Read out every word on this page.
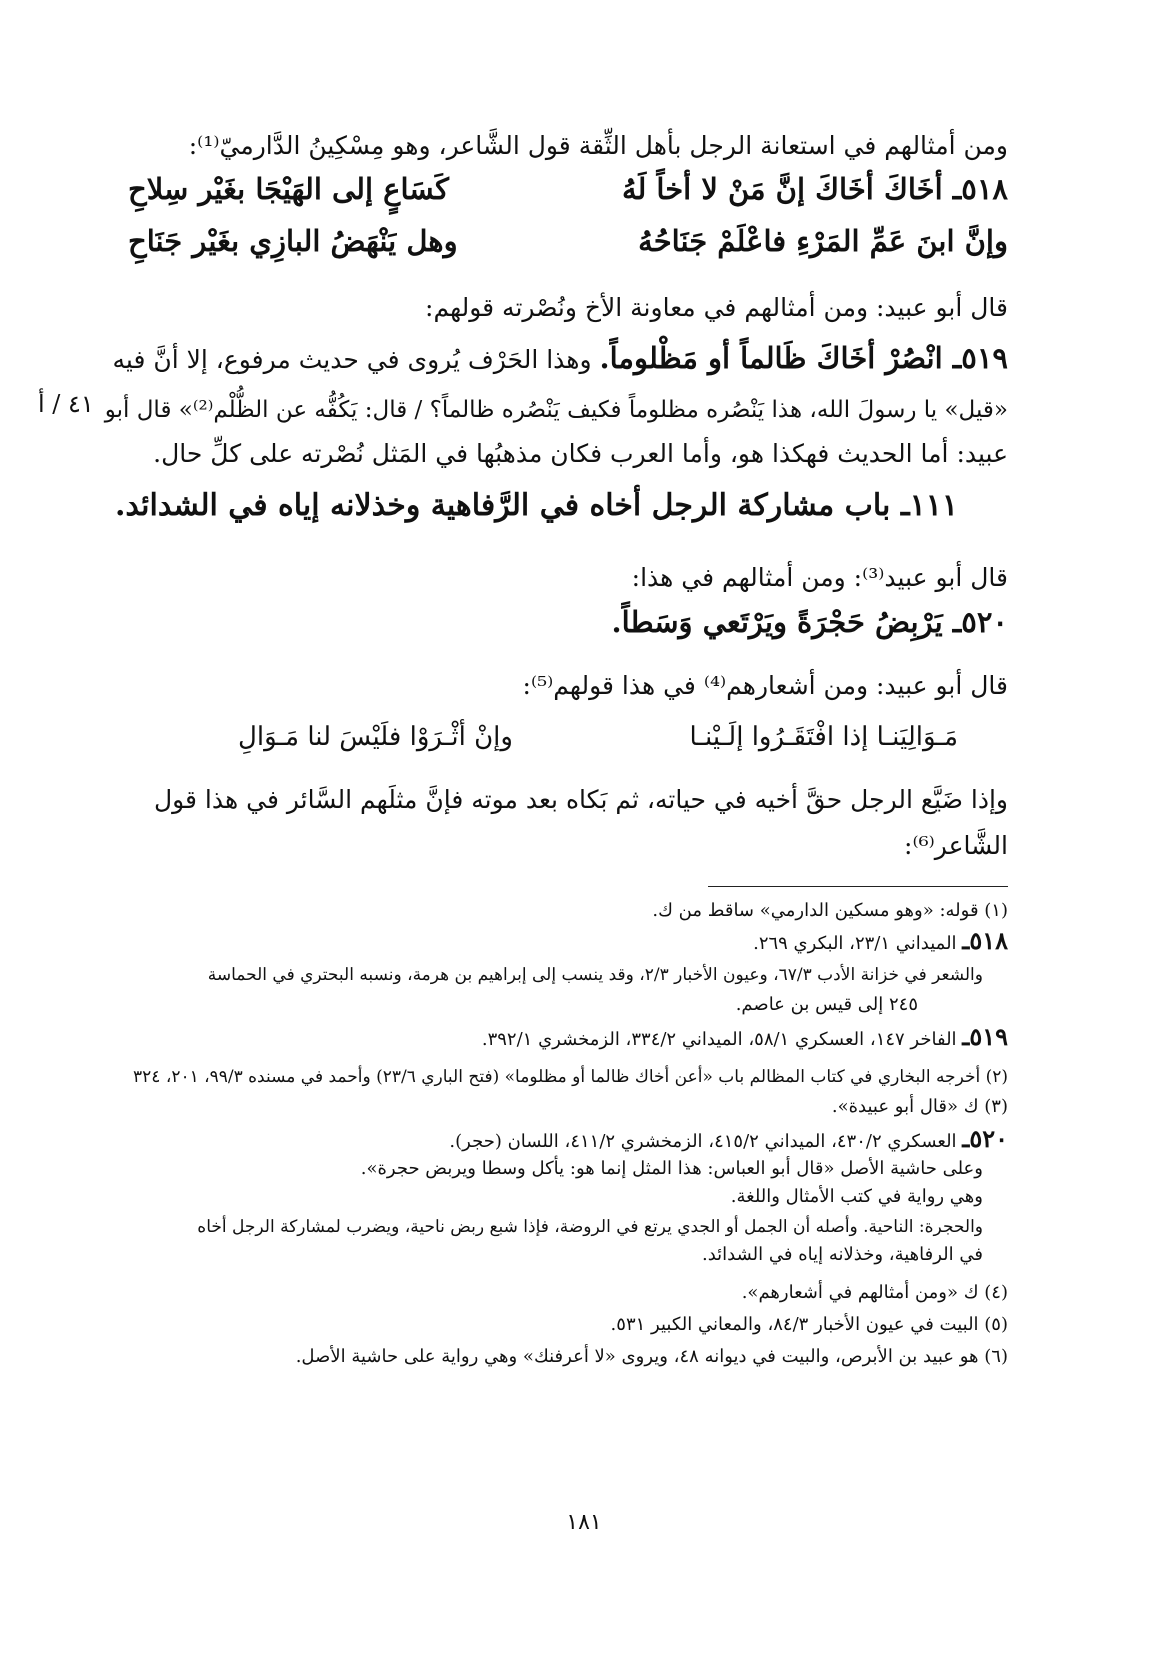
ومن أمثالهم في استعانة الرجل بأهل الثِّقة قول الشَّاعر، وهو مِسْكِينُ الدَّارميّ⁽¹⁾:
٥١٨ـ أخَاكَ أخَاكَ إنَّ مَنْ لا أخاً لَهُ
كَسَاعٍ إلى الهَيْجَا بغَيْر سِلاحِ
وإنَّ ابنَ عَمِّ المَرْءِ فاعْلَمْ جَنَاحُهُ
وهل يَنْهَضُ البازِي بغَيْر جَنَاحِ
قال أبو عبيد: ومن أمثالهم في معاونة الأخ ونُصْرته قولهم:
٥١٩ـ انْصُرْ أخَاكَ ظَالماً أو مَظْلوماً. وهذا الحَرْف يُروى في حديث مرفوع، إلا أنَّ فيه
٤١ / أ «قيل» يا رسولَ الله، هذا يَنْصُره مظلوماً فكيف يَنْصُره ظالماً؟ / قال: يَكُفُّه عن الظُّلْم⁽²⁾» قال أبو
عبيد: أما الحديث فهكذا هو، وأما العرب فكان مذهبُها في المَثل نُصْرته على كلِّ حال.
١١١ـ باب مشاركة الرجل أخاه في الرَّفاهية وخذلانه إياه في الشدائد.
قال أبو عبيد⁽³⁾: ومن أمثالهم في هذا:
٥٢٠ـ يَرْبِضُ حَجْرَةً ويَرْتَعي وَسَطاً.
قال أبو عبيد: ومن أشعارهم⁽⁴⁾ في هذا قولهم⁽⁵⁾:
مَـوَالِيَنـا إذا افْتَقَـرُوا إلَـيْنـا
وإنْ أثْـرَوْا فلَيْسَ لنا مَـوَالِ
وإذا ضَيَّع الرجل حقَّ أخيه في حياته، ثم بَكاه بعد موته فإنَّ مثلَهم السَّائر في هذا قول
الشَّاعر⁽⁶⁾:
(١) قوله: «وهو مسكين الدارمي» ساقط من ك.
٥١٨ـ الميداني ٢٣/١، البكري ٢٦٩.
والشعر في خزانة الأدب ٦٧/٣، وعيون الأخبار ٢/٣، وقد ينسب إلى إبراهيم بن هرمة، ونسبه البحتري في الحماسة
٢٤٥ إلى قيس بن عاصم.
٥١٩ـ الفاخر ١٤٧، العسكري ٥٨/١، الميداني ٣٣٤/٢، الزمخشري ٣٩٢/١.
(٢) أخرجه البخاري في كتاب المظالم باب «أعن أخاك ظالما أو مظلوما» (فتح الباري ٢٣/٦) وأحمد في مسنده ٩٩/٣، ٢٠١، ٣٢٤
(٣) ك «قال أبو عبيدة».
٥٢٠ـ العسكري ٤٣٠/٢، الميداني ٤١٥/٢، الزمخشري ٤١١/٢، اللسان (حجر).
وعلى حاشية الأصل «قال أبو العباس: هذا المثل إنما هو: يأكل وسطا ويربض حجرة».
وهي رواية في كتب الأمثال واللغة.
والحجرة: الناحية. وأصله أن الجمل أو الجدي يرتع في الروضة، فإذا شبع ربض ناحية، ويضرب لمشاركة الرجل أخاه
في الرفاهية، وخذلانه إياه في الشدائد.
(٤) ك «ومن أمثالهم في أشعارهم».
(٥) البيت في عيون الأخبار ٨٤/٣، والمعاني الكبير ٥٣١.
(٦) هو عبيد بن الأبرص، والبيت في ديوانه ٤٨، ويروى «لا أعرفنك» وهي رواية على حاشية الأصل.
١٨١
